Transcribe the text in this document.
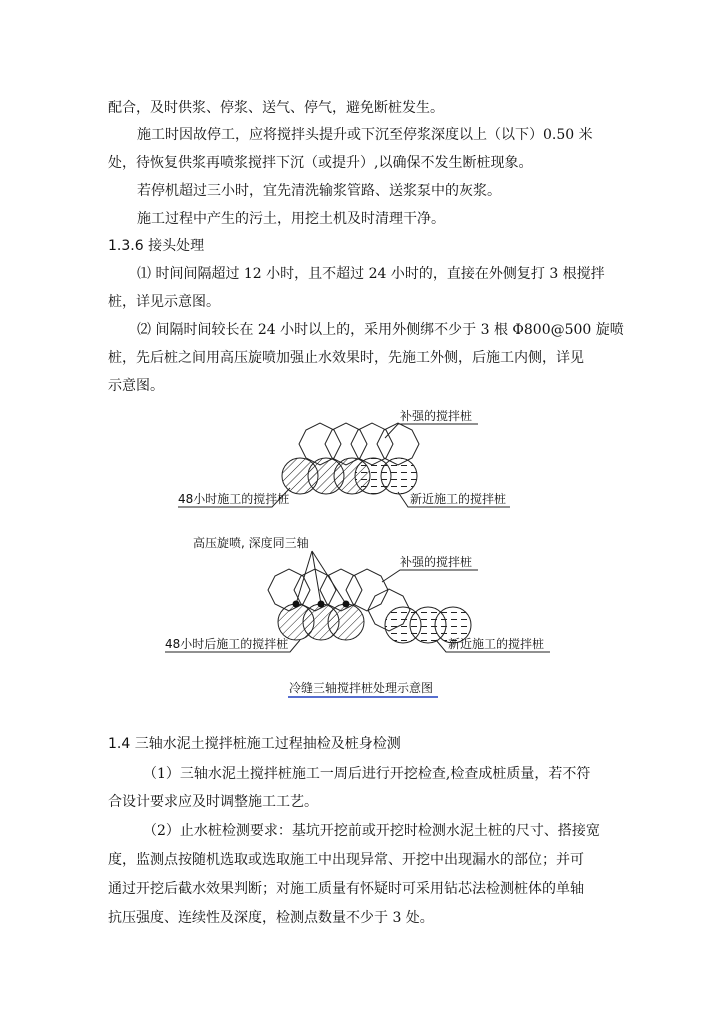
配合，及时供浆、停浆、送气、停气，避免断桩发生。
施工时因故停工，应将搅拌头提升或下沉至停浆深度以上（以下）0.50 米
处，待恢复供浆再喷浆搅拌下沉（或提升）,以确保不发生断桩现象。
若停机超过三小时，宜先清洗输浆管路、送浆泵中的灰浆。
施工过程中产生的污土，用挖土机及时清理干净。
1.3.6 接头处理
⑴ 时间间隔超过 12 小时，且不超过 24 小时的，直接在外侧复打 3 根搅拌
桩，详见示意图。
⑵ 间隔时间较长在 24 小时以上的，采用外侧绑不少于 3 根 Φ800@500 旋喷
桩，先后桩之间用高压旋喷加强止水效果时，先施工外侧，后施工内侧，详见
示意图。
补强的搅拌桩
48小时施工的搅拌桩	新近施工的搅拌桩
高压旋喷, 深度同三轴
补强的搅拌桩
48小时后施工的搅拌桩	新近施工的搅拌桩
冷缝三轴搅拌桩处理示意图
1.4 三轴水泥土搅拌桩施工过程抽检及桩身检测
（1）三轴水泥土搅拌桩施工一周后进行开挖检查,检查成桩质量，若不符
合设计要求应及时调整施工工艺。
（2）止水桩检测要求：基坑开挖前或开挖时检测水泥土桩的尺寸、搭接宽
度，监测点按随机选取或选取施工中出现异常、开挖中出现漏水的部位；并可
通过开挖后截水效果判断；对施工质量有怀疑时可采用钻芯法检测桩体的单轴
抗压强度、连续性及深度，检测点数量不少于 3 处。
